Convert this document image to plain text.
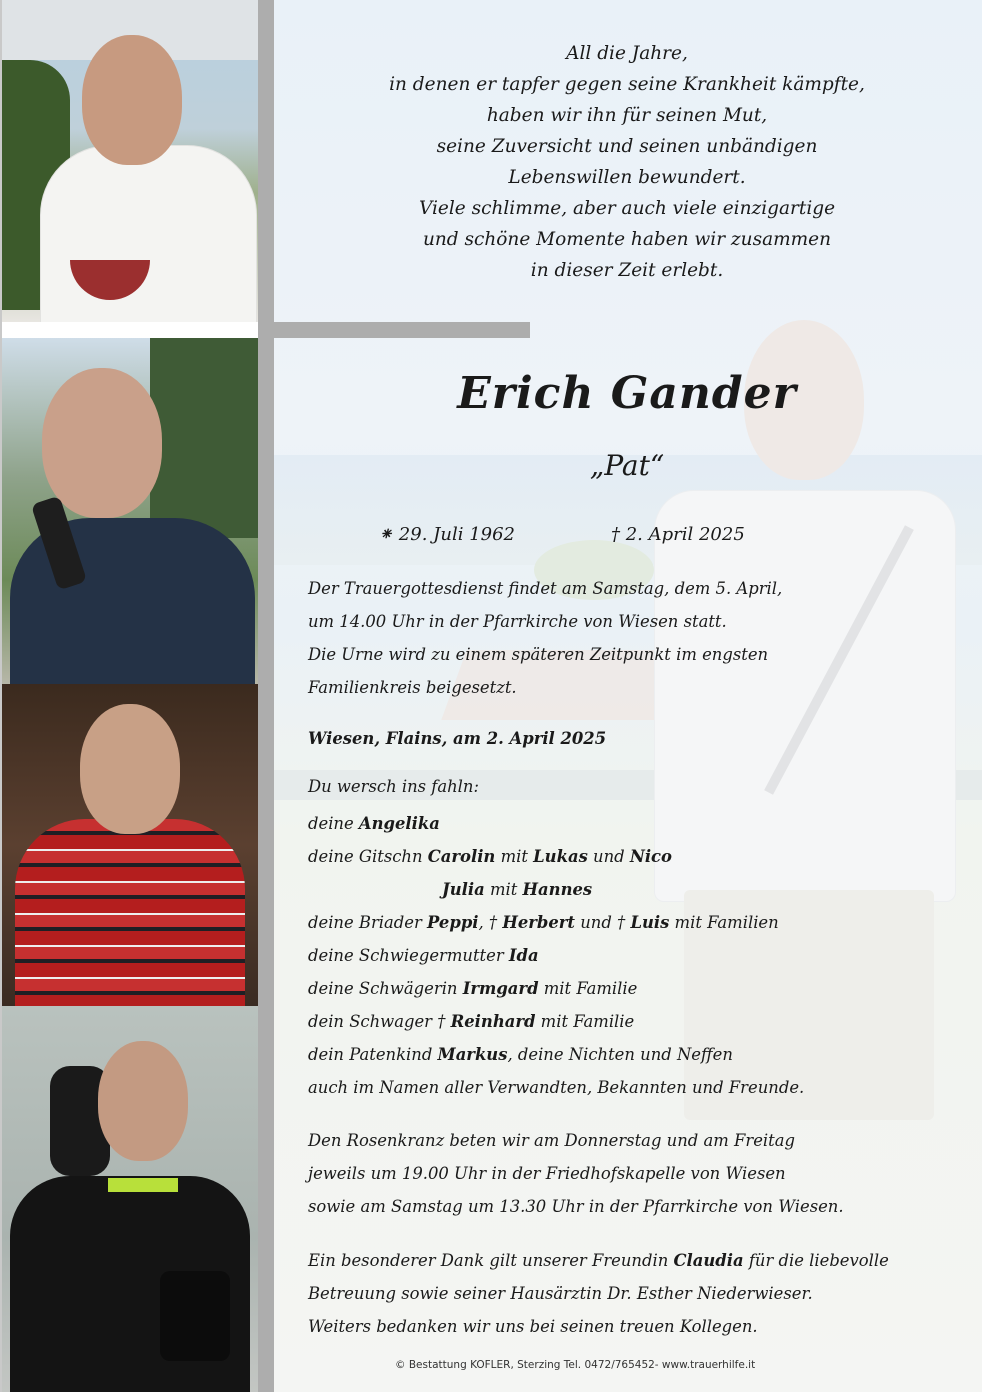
All die Jahre,
in denen er tapfer gegen seine Krankheit kämpfte,
haben wir ihn für seinen Mut,
seine Zuversicht und seinen unbändigen
Lebenswillen bewundert.
Viele schlimme, aber auch viele einzigartige
und schöne Momente haben wir zusammen
in dieser Zeit erlebt.
Erich Gander
„Pat“
⁕ 29. Juli 1962	† 2. April 2025
Der Trauergottesdienst findet am Samstag, dem 5. April,
um 14.00 Uhr in der Pfarrkirche von Wiesen statt.
Die Urne wird zu einem späteren Zeitpunkt im engsten
Familienkreis beigesetzt.
Wiesen, Flains, am 2. April 2025
Du wersch ins fahln:
deine Angelika
deine Gitschn Carolin mit Lukas und Nico
Julia mit Hannes
deine Briader Peppi, † Herbert und † Luis mit Familien
deine Schwiegermutter Ida
deine Schwägerin Irmgard mit Familie
dein Schwager † Reinhard mit Familie
dein Patenkind Markus, deine Nichten und Neffen
auch im Namen aller Verwandten, Bekannten und Freunde.
Den Rosenkranz beten wir am Donnerstag und am Freitag
jeweils um 19.00 Uhr in der Friedhofskapelle von Wiesen
sowie am Samstag um 13.30 Uhr in der Pfarrkirche von Wiesen.
Ein besonderer Dank gilt unserer Freundin Claudia für die liebevolle
Betreuung sowie seiner Hausärztin Dr. Esther Niederwieser.
Weiters bedanken wir uns bei seinen treuen Kollegen.
© Bestattung KOFLER, Sterzing Tel. 0472/765452- www.trauerhilfe.it
